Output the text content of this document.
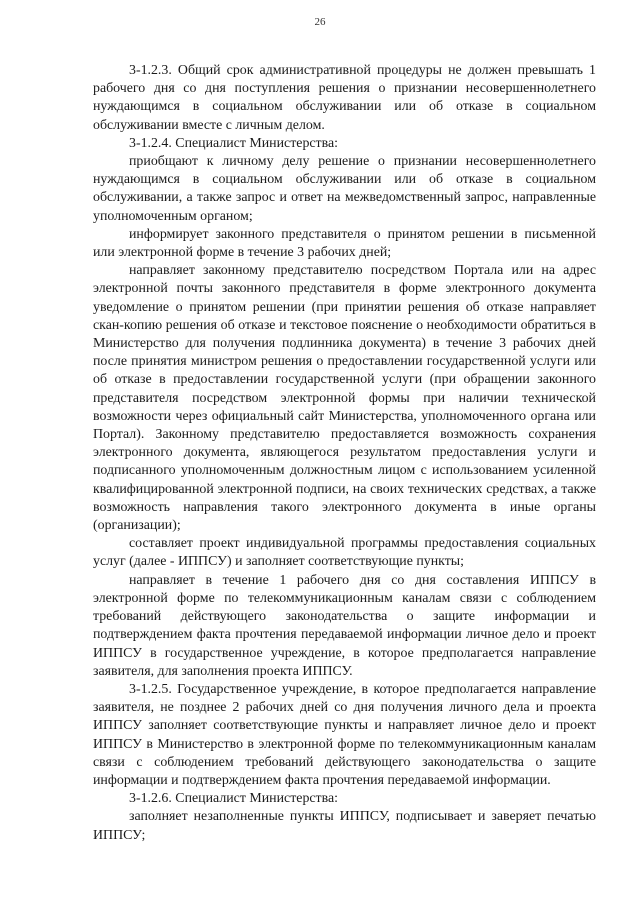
26

3-1.2.3. Общий срок административной процедуры не должен превышать 1 рабочего дня со дня поступления решения о признании несовершеннолетнего нуждающимся в социальном обслуживании или об отказе в социальном обслуживании вместе с личным делом.

3-1.2.4. Специалист Министерства:

приобщают к личному делу решение о признании несовершеннолетнего нуждающимся в социальном обслуживании или об отказе в социальном обслуживании, а также запрос и ответ на межведомственный запрос, направленные уполномоченным органом;

информирует законного представителя о принятом решении в письменной или электронной форме в течение 3 рабочих дней;

направляет законному представителю посредством Портала или на адрес электронной почты законного представителя в форме электронного документа уведомление о принятом решении (при принятии решения об отказе направляет скан-копию решения об отказе и текстовое пояснение о необходимости обратиться в Министерство для получения подлинника документа) в течение 3 рабочих дней после принятия министром решения о предоставлении государственной услуги или об отказе в предоставлении государственной услуги (при обращении законного представителя посредством электронной формы при наличии технической возможности через официальный сайт Министерства, уполномоченного органа или Портал). Законному представителю предоставляется возможность сохранения электронного документа, являющегося результатом предоставления услуги и подписанного уполномоченным должностным лицом с использованием усиленной квалифицированной электронной подписи, на своих технических средствах, а также возможность направления такого электронного документа в иные органы (организации);

составляет проект индивидуальной программы предоставления социальных услуг (далее - ИППСУ) и заполняет соответствующие пункты;

направляет в течение 1 рабочего дня со дня составления ИППСУ в электронной форме по телекоммуникационным каналам связи с соблюдением требований действующего законодательства о защите информации и подтверждением факта прочтения передаваемой информации личное дело и проект ИППСУ в государственное учреждение, в которое предполагается направление заявителя, для заполнения проекта ИППСУ.

3-1.2.5. Государственное учреждение, в которое предполагается направление заявителя, не позднее 2 рабочих дней со дня получения личного дела и проекта ИППСУ заполняет соответствующие пункты и направляет личное дело и проект ИППСУ в Министерство в электронной форме по телекоммуникационным каналам связи с соблюдением требований действующего законодательства о защите информации и подтверждением факта прочтения передаваемой информации.

3-1.2.6. Специалист Министерства:

заполняет незаполненные пункты ИППСУ, подписывает и заверяет печатью ИППСУ;
